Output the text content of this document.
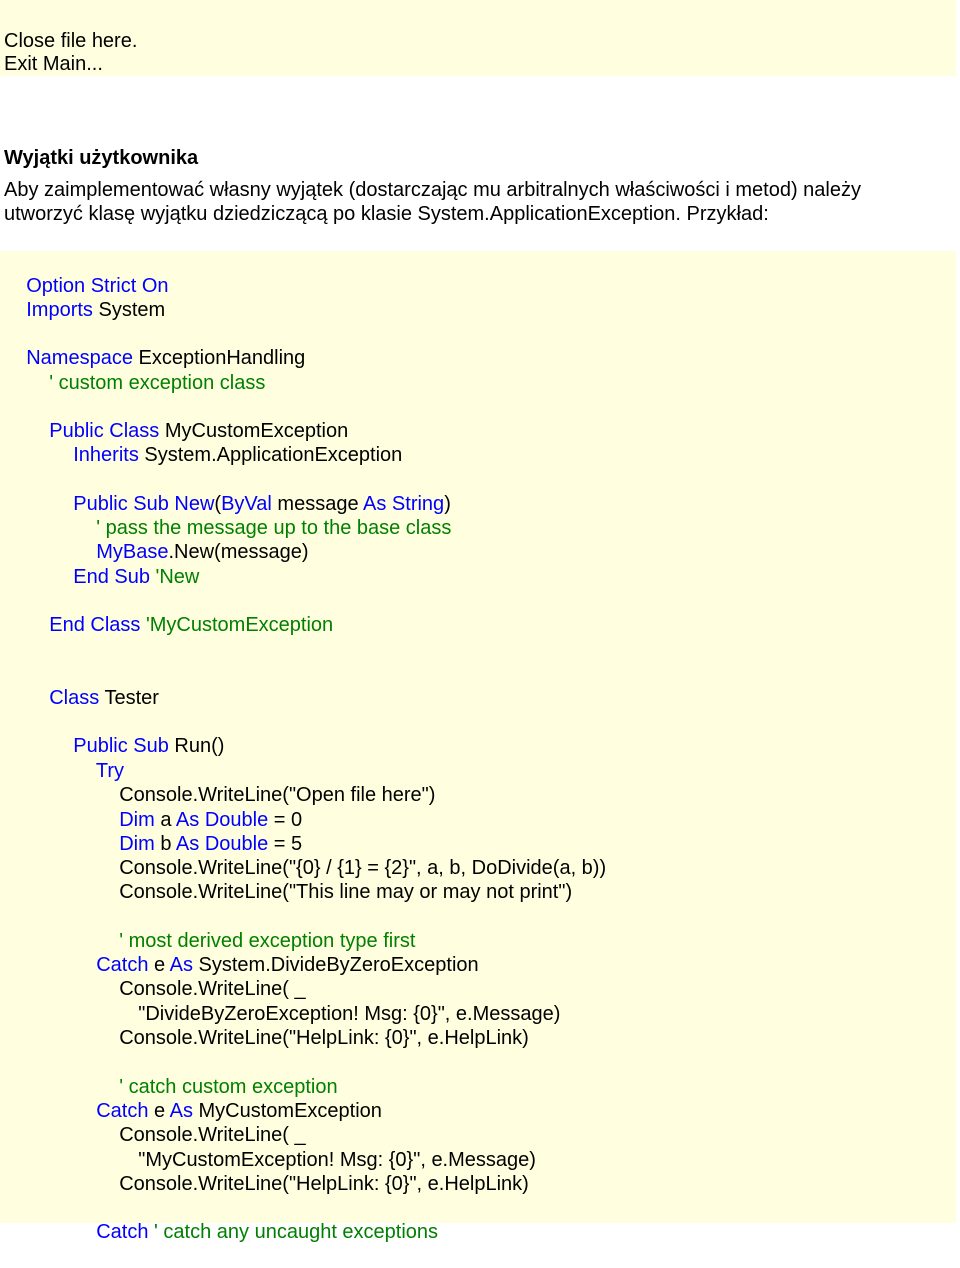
Close file here.
Exit Main...
Wyjątki użytkownika
Aby zaimplementować własny wyjątek (dostarczając mu arbitralnych właściwości i metod) należy
utworzyć klasę wyjątku dziedziczącą po klasie System.ApplicationException. Przykład:

Option Strict On

Imports System

Namespace ExceptionHandling

' custom exception class

Public Class MyCustomException

Inherits System.ApplicationException

Public Sub New(ByVal message As String)

' pass the message up to the base class

MyBase.New(message)

End Sub 'New

End Class 'MyCustomException

Class Tester

Public Sub Run()

Try

Console.WriteLine("Open file here")

Dim a As Double = 0

Dim b As Double = 5

Console.WriteLine("{0} / {1} = {2}", a, b, DoDivide(a, b))

Console.WriteLine("This line may or may not print")

' most derived exception type first

Catch e As System.DivideByZeroException

Console.WriteLine( _

"DivideByZeroException! Msg: {0}", e.Message)

Console.WriteLine("HelpLink: {0}", e.HelpLink)

' catch custom exception

Catch e As MyCustomException

Console.WriteLine( _

"MyCustomException! Msg: {0}", e.Message)

Console.WriteLine("HelpLink: {0}", e.HelpLink)

Catch ' catch any uncaught exceptions
